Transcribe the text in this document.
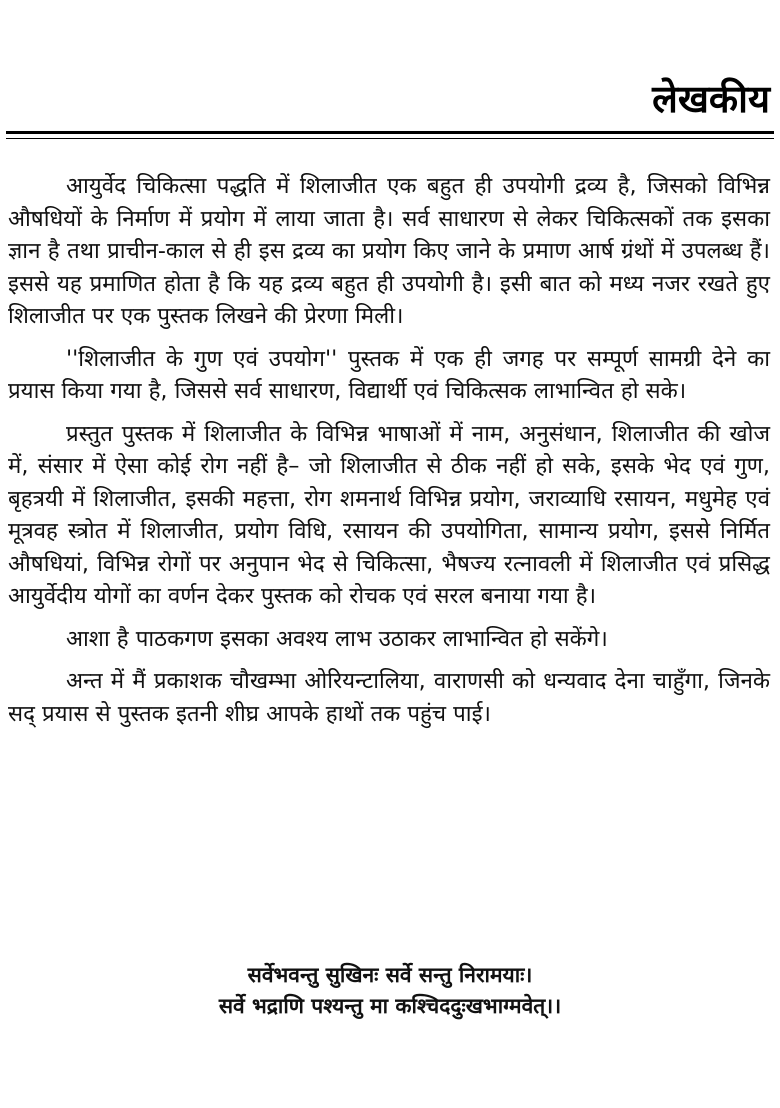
लेखकीय

आयुर्वेद चिकित्सा पद्धति में शिलाजीत एक बहुत ही उपयोगी द्रव्य है, जिसको विभिन्न औषधियों के निर्माण में प्रयोग में लाया जाता है। सर्व साधारण से लेकर चिकित्सकों तक इसका ज्ञान है तथा प्राचीन-काल से ही इस द्रव्य का प्रयोग किए जाने के प्रमाण आर्ष ग्रंथों में उपलब्ध हैं। इससे यह प्रमाणित होता है कि यह द्रव्य बहुत ही उपयोगी है। इसी बात को मध्य नजर रखते हुए शिलाजीत पर एक पुस्तक लिखने की प्रेरणा मिली।

''शिलाजीत के गुण एवं उपयोग'' पुस्तक में एक ही जगह पर सम्पूर्ण सामग्री देने का प्रयास किया गया है, जिससे सर्व साधारण, विद्यार्थी एवं चिकित्सक लाभान्वित हो सके।

प्रस्तुत पुस्तक में शिलाजीत के विभिन्न भाषाओं में नाम, अनुसंधान, शिलाजीत की खोज में, संसार में ऐसा कोई रोग नहीं है– जो शिलाजीत से ठीक नहीं हो सके, इसके भेद एवं गुण, बृहत्रयी में शिलाजीत, इसकी महत्ता, रोग शमनार्थ विभिन्न प्रयोग, जराव्याधि रसायन, मधुमेह एवं मूत्रवह स्त्रोत में शिलाजीत, प्रयोग विधि, रसायन की उपयोगिता, सामान्य प्रयोग, इससे निर्मित औषधियां, विभिन्न रोगों पर अनुपान भेद से चिकित्सा, भैषज्य रत्नावली में शिलाजीत एवं प्रसिद्ध आयुर्वेदीय योगों का वर्णन देकर पुस्तक को रोचक एवं सरल बनाया गया है।

आशा है पाठकगण इसका अवश्य लाभ उठाकर लाभान्वित हो सकेंगे।

अन्त में मैं प्रकाशक चौखम्भा ओरियन्टालिया, वाराणसी को धन्यवाद देना चाहुँगा, जिनके सद् प्रयास से पुस्तक इतनी शीघ्र आपके हाथों तक पहुंच पाई।

सर्वेभवन्तु सुखिनः सर्वे सन्तु निरामयाः।
सर्वे भद्राणि पश्यन्तु मा कश्चिददुःखभाग्मवेत्।।
